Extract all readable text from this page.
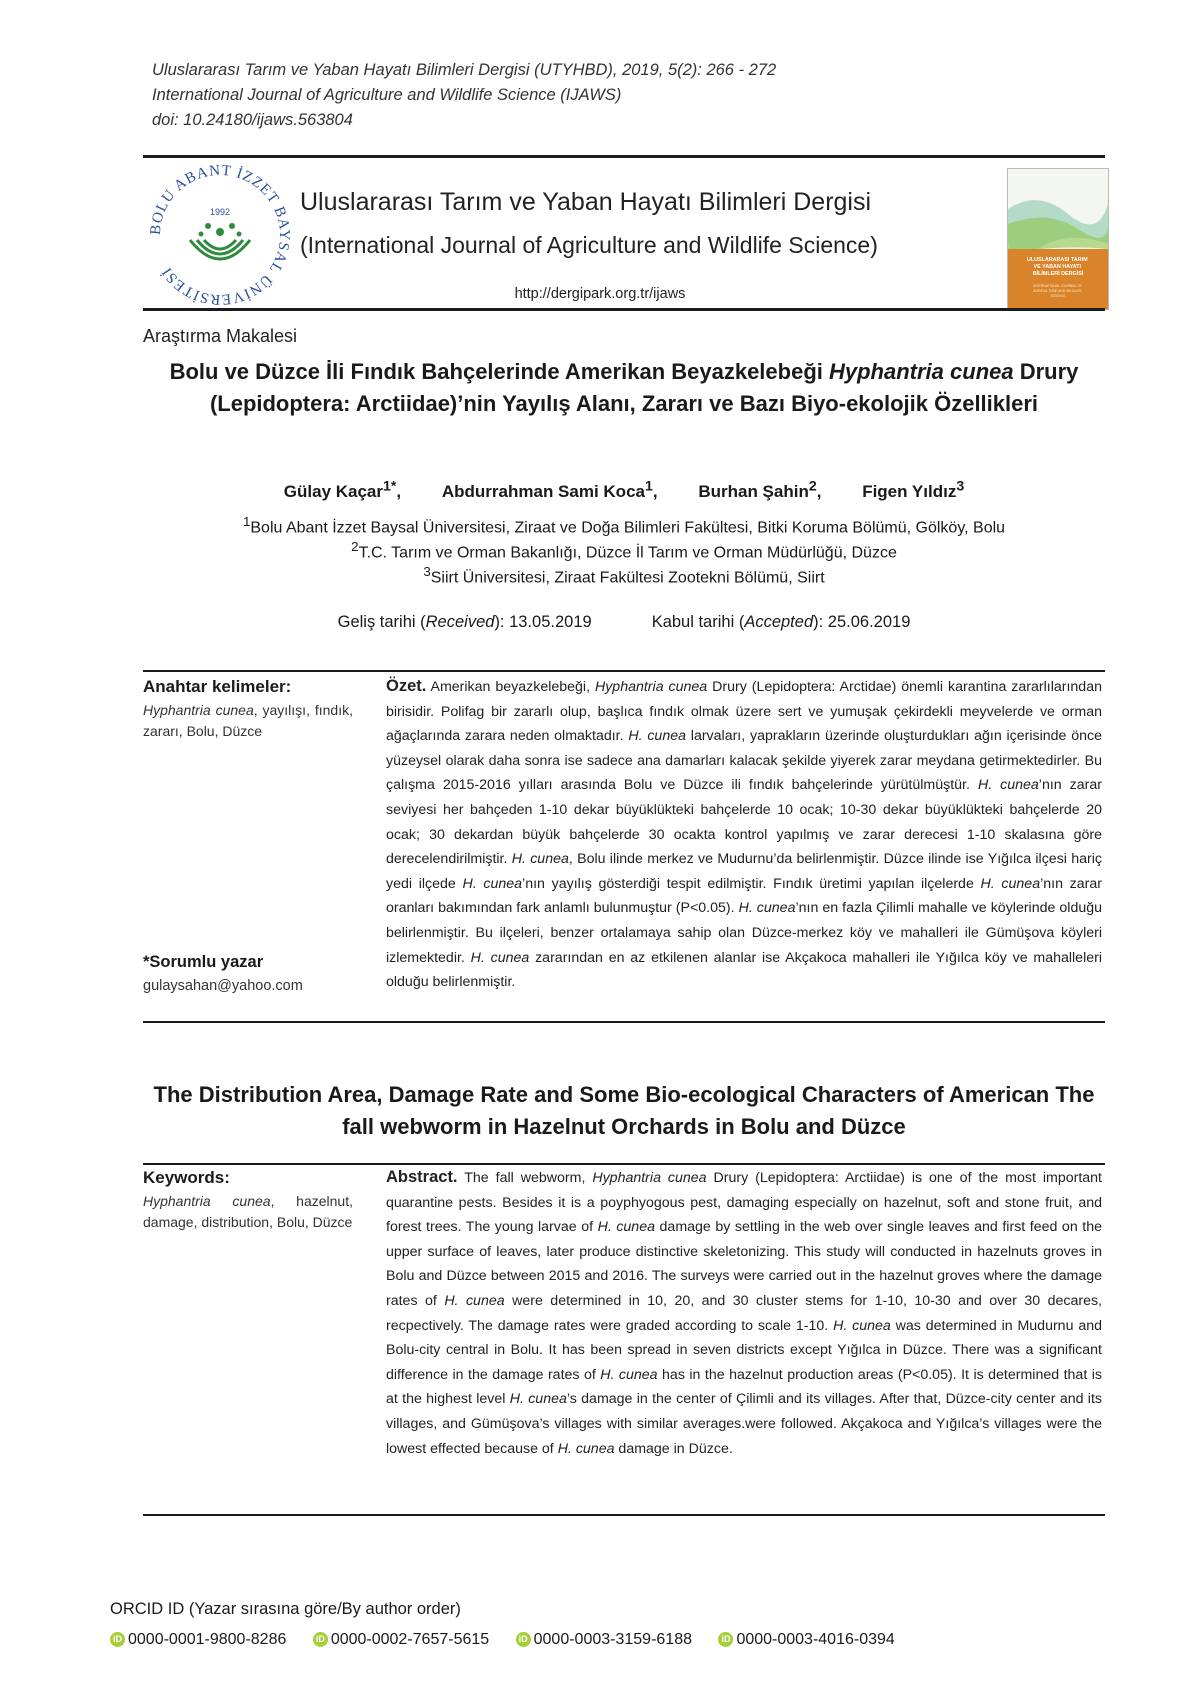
Uluslararası Tarım ve Yaban Hayatı Bilimleri Dergisi (UTYHBD), 2019, 5(2): 266 - 272
International Journal of Agriculture and Wildlife Science (IJAWS)
doi: 10.24180/ijaws.563804
BOLU ABANT İZZET BAYSAL ÜNİVERSİTESİ
1992	Uluslararası Tarım ve Yaban Hayatı Bilimleri Dergisi
(International Journal of Agriculture and Wildlife Science)
http://dergipark.org.tr/ijaws
ULUSLARARASI TARIM VE YABAN HAYATI BİLİMLERİ DERGİSİ
INTERNATIONAL JOURNAL OF AGRICULTURE AND WILDLIFE SCIENCE
Araştırma Makalesi
Bolu ve Düzce İli Fındık Bahçelerinde Amerikan Beyazkelebeği Hyphantria cunea Drury (Lepidoptera: Arctiidae)’nin Yayılış Alanı, Zararı ve Bazı Biyo-ekolojik Özellikleri
Gülay Kaçar$^{1*}$, Abdurrahman Sami Koca$^1$, Burhan Şahin$^2$, Figen Yıldız$^3$
$^1$Bolu Abant İzzet Baysal Üniversitesi, Ziraat ve Doğa Bilimleri Fakültesi, Bitki Koruma Bölümü, Gölköy, Bolu
$^2$T.C. Tarım ve Orman Bakanlığı, Düzce İl Tarım ve Orman Müdürlüğü, Düzce
$^3$Siirt Üniversitesi, Ziraat Fakültesi Zootekni Bölümü, Siirt
Geliş tarihi (Received): 13.05.2019	Kabul tarihi (Accepted): 25.06.2019
Anahtar kelimeler:
Hyphantria cunea, yayılışı, fındık, zararı, Bolu, Düzce
Özet. Amerikan beyazkelebeği, Hyphantria cunea Drury (Lepidoptera: Arctidae) önemli karantina zararlılarından birisidir. Polifag bir zararlı olup, başlıca fındık olmak üzere sert ve yumuşak çekirdekli meyvelerde ve orman ağaçlarında zarara neden olmaktadır. H. cunea larvaları, yaprakların üzerinde oluşturdukları ağın içerisinde önce yüzeysel olarak daha sonra ise sadece ana damarları kalacak şekilde yiyerek zarar meydana getirmektedirler. Bu çalışma 2015-2016 yılları arasında Bolu ve Düzce ili fındık bahçelerinde yürütülmüştür. H. cunea’nın zarar seviyesi her bahçeden 1-10 dekar büyüklükteki bahçelerde 10 ocak; 10-30 dekar büyüklükteki bahçelerde 20 ocak; 30 dekardan büyük bahçelerde 30 ocakta kontrol yapılmış ve zarar derecesi 1-10 skalasına göre derecelendirilmiştir. H. cunea, Bolu ilinde merkez ve Mudurnu’da belirlenmiştir. Düzce ilinde ise Yığılca ilçesi hariç yedi ilçede H. cunea’nın yayılış gösterdiği tespit edilmiştir. Fındık üretimi yapılan ilçelerde H. cunea’nın zarar oranları bakımından fark anlamlı bulunmuştur (P<0.05). H. cunea’nın en fazla Çilimli mahalle ve köylerinde olduğu belirlenmiştir. Bu ilçeleri, benzer ortalamaya sahip olan Düzce-merkez köy ve mahalleri ile Gümüşova köyleri izlemektedir. H. cunea zararından en az etkilenen alanlar ise Akçakoca mahalleri ile Yığılca köy ve mahalleleri olduğu belirlenmiştir.
*Sorumlu yazar
gulaysahan@yahoo.com
The Distribution Area, Damage Rate and Some Bio-ecological Characters of American The fall webworm in Hazelnut Orchards in Bolu and Düzce
Keywords:
Hyphantria cunea, hazelnut, damage, distribution, Bolu, Düzce
Abstract. The fall webworm, Hyphantria cunea Drury (Lepidoptera: Arctiidae) is one of the most important quarantine pests. Besides it is a poyphyogous pest, damaging especially on hazelnut, soft and stone fruit, and forest trees. The young larvae of H. cunea damage by settling in the web over single leaves and first feed on the upper surface of leaves, later produce distinctive skeletonizing. This study will conducted in hazelnuts groves in Bolu and Düzce between 2015 and 2016. The surveys were carried out in the hazelnut groves where the damage rates of H. cunea were determined in 10, 20, and 30 cluster stems for 1-10, 10-30 and over 30 decares, recpectively. The damage rates were graded according to scale 1-10. H. cunea was determined in Mudurnu and Bolu-city central in Bolu. It has been spread in seven districts except Yığılca in Düzce. There was a significant difference in the damage rates of H. cunea has in the hazelnut production areas (P<0.05). It is determined that is at the highest level H. cunea’s damage in the center of Çilimli and its villages. After that, Düzce-city center and its villages, and Gümüşova’s villages with similar averages.were followed. Akçakoca and Yığılca’s villages were the lowest effected because of H. cunea damage in Düzce.
ORCID ID (Yazar sırasına göre/By author order)
iD 0000-0001-9800-8286
	iD 0000-0002-7657-5615
	iD 0000-0003-3159-6188
	iD 0000-0003-4016-0394
